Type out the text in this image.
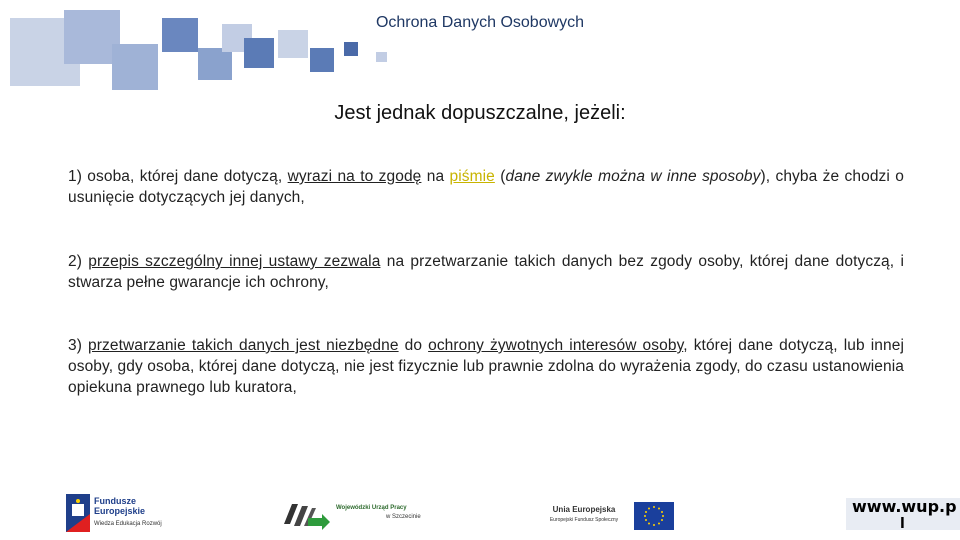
Ochrona Danych Osobowych
Jest jednak dopuszczalne, jeżeli:
1) osoba, której dane dotyczą, wyrazi na to zgodę na piśmie (dane zwykle można w inne sposoby), chyba że chodzi o usunięcie dotyczących jej danych,
2) przepis szczególny innej ustawy zezwala na przetwarzanie takich danych bez zgody osoby, której dane dotyczą, i stwarza pełne gwarancje ich ochrony,
3) przetwarzanie takich danych jest niezbędne do ochrony żywotnych interesów osoby, której dane dotyczą, lub innej osoby, gdy osoba, której dane dotyczą, nie jest fizycznie lub prawnie zdolna do wyrażenia zgody, do czasu ustanowienia opiekuna prawnego lub kuratora,
Fundusze
Europejskie
Wiedza Edukacja Rozwój
Wojewódzki Urząd Pracy
w Szczecinie
Unia Europejska
Europejski Fundusz Społeczny
www.wup.p
l
